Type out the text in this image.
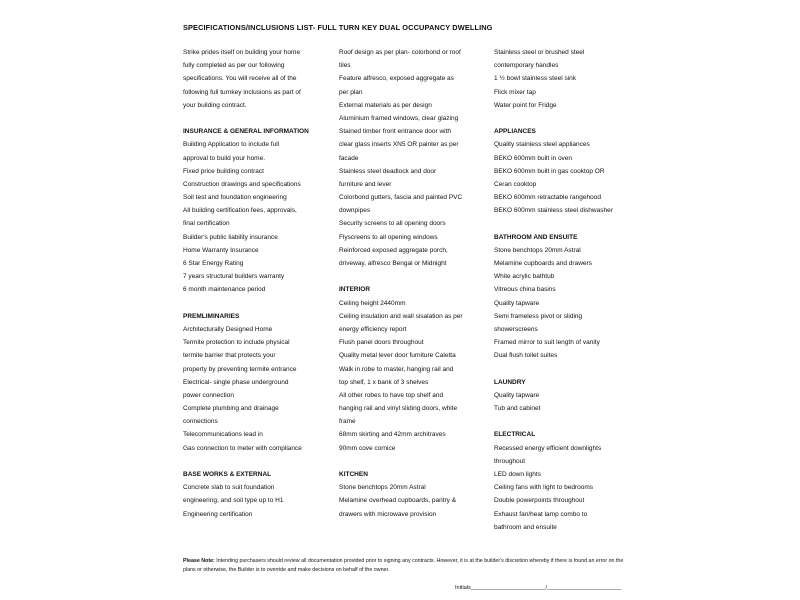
SPECIFICATIONS/INCLUSIONS LIST- FULL TURN KEY DUAL OCCUPANCY DWELLING
Strike prides itself on building your home
fully completed as per our following
specifications. You will receive all of the
following full turnkey inclusions as part of
your building contract.
INSURANCE & GENERAL INFORMATION
Building Application to include full
approval to build your home.
Fixed price building contract
Construction drawings and specifications
Soil test and foundation engineering
All building certification fees, approvals,
final certification
Builder's public liability insurance
Home Warranty Insurance
6 Star Energy Rating
7 years structural builders warranty
6 month maintenance period
PREMLIMINARIES
Architecturally Designed Home
Termite protection to include physical
termite barrier that protects your
property by preventing termite entrance
Electrical- single phase underground
power connection
Complete plumbing and drainage
connections
Telecommunications lead in
Gas connection to meter with compliance
BASE WORKS & EXTERNAL
Concrete slab to suit foundation
engineering, and soil type up to H1
Engineering certification
Roof design as per plan- colorbond or roof
tiles
Feature alfresco, exposed aggregate as
per plan
External materials as per design
Aluminium framed windows, clear glazing
Stained timber front entrance door with
clear glass inserts XN5 OR painter as per
facade
Stainless steel deadlock and door
furniture and lever
Colorbond gutters, fascia and painted PVC
downpipes
Security screens to all opening doors
Flyscreens to all opening windows
Reinforced exposed aggregate porch,
driveway, alfresco Bengal or Midnight
INTERIOR
Ceiling height 2440mm
Ceiling insulation and wall sisalation as per
energy efficiency report
Flush panel doors throughout
Quality metal lever door furniture Caletta
Walk in robe to master, hanging rail and
top shelf, 1 x bank of 3 shelves
All other robes to have top shelf and
hanging rail and vinyl sliding doors, white
frame
68mm skirting and 42mm architraves
90mm cove cornice
KITCHEN
Stone benchtops 20mm Astral
Melamine overhead cupboards, pantry &
drawers with microwave provision
Stainless steel or brushed steel
contemporary handles
1 ½ bowl stainless steel sink
Flick mixer tap
Water point for Fridge
APPLIANCES
Quality stainless steel appliances
BEKO 600mm built in oven
BEKO 600mm built in gas cooktop OR
Ceran cooktop
BEKO 600mm retractable rangehood
BEKO 600mm stainless steel dishwasher
BATHROOM AND ENSUITE
Stone benchtops 20mm Astral
Melamine cupboards and drawers
White acrylic bathtub
Vitreous china basins
Quality tapware
Semi frameless pivot or sliding
showerscreens
Framed mirror to suit length of vanity
Dual flush toilet suites
LAUNDRY
Quality tapware
Tub and cabinet
ELECTRICAL
Recessed energy efficient downlights
throughout
LED down lights
Ceiling fans with light to bedrooms
Double powerpoints throughout
Exhaust fan/heat lamp combo to
bathroom and ensuite
Please Note: Intending purchasers should review all documentation provided prior to signing any contracts. However, it is at the builder's discretion whereby if there is found an error on the plans or otherwise, the Builder is to override and make decisions on behalf of the owner.
Initials________________________/________________________
